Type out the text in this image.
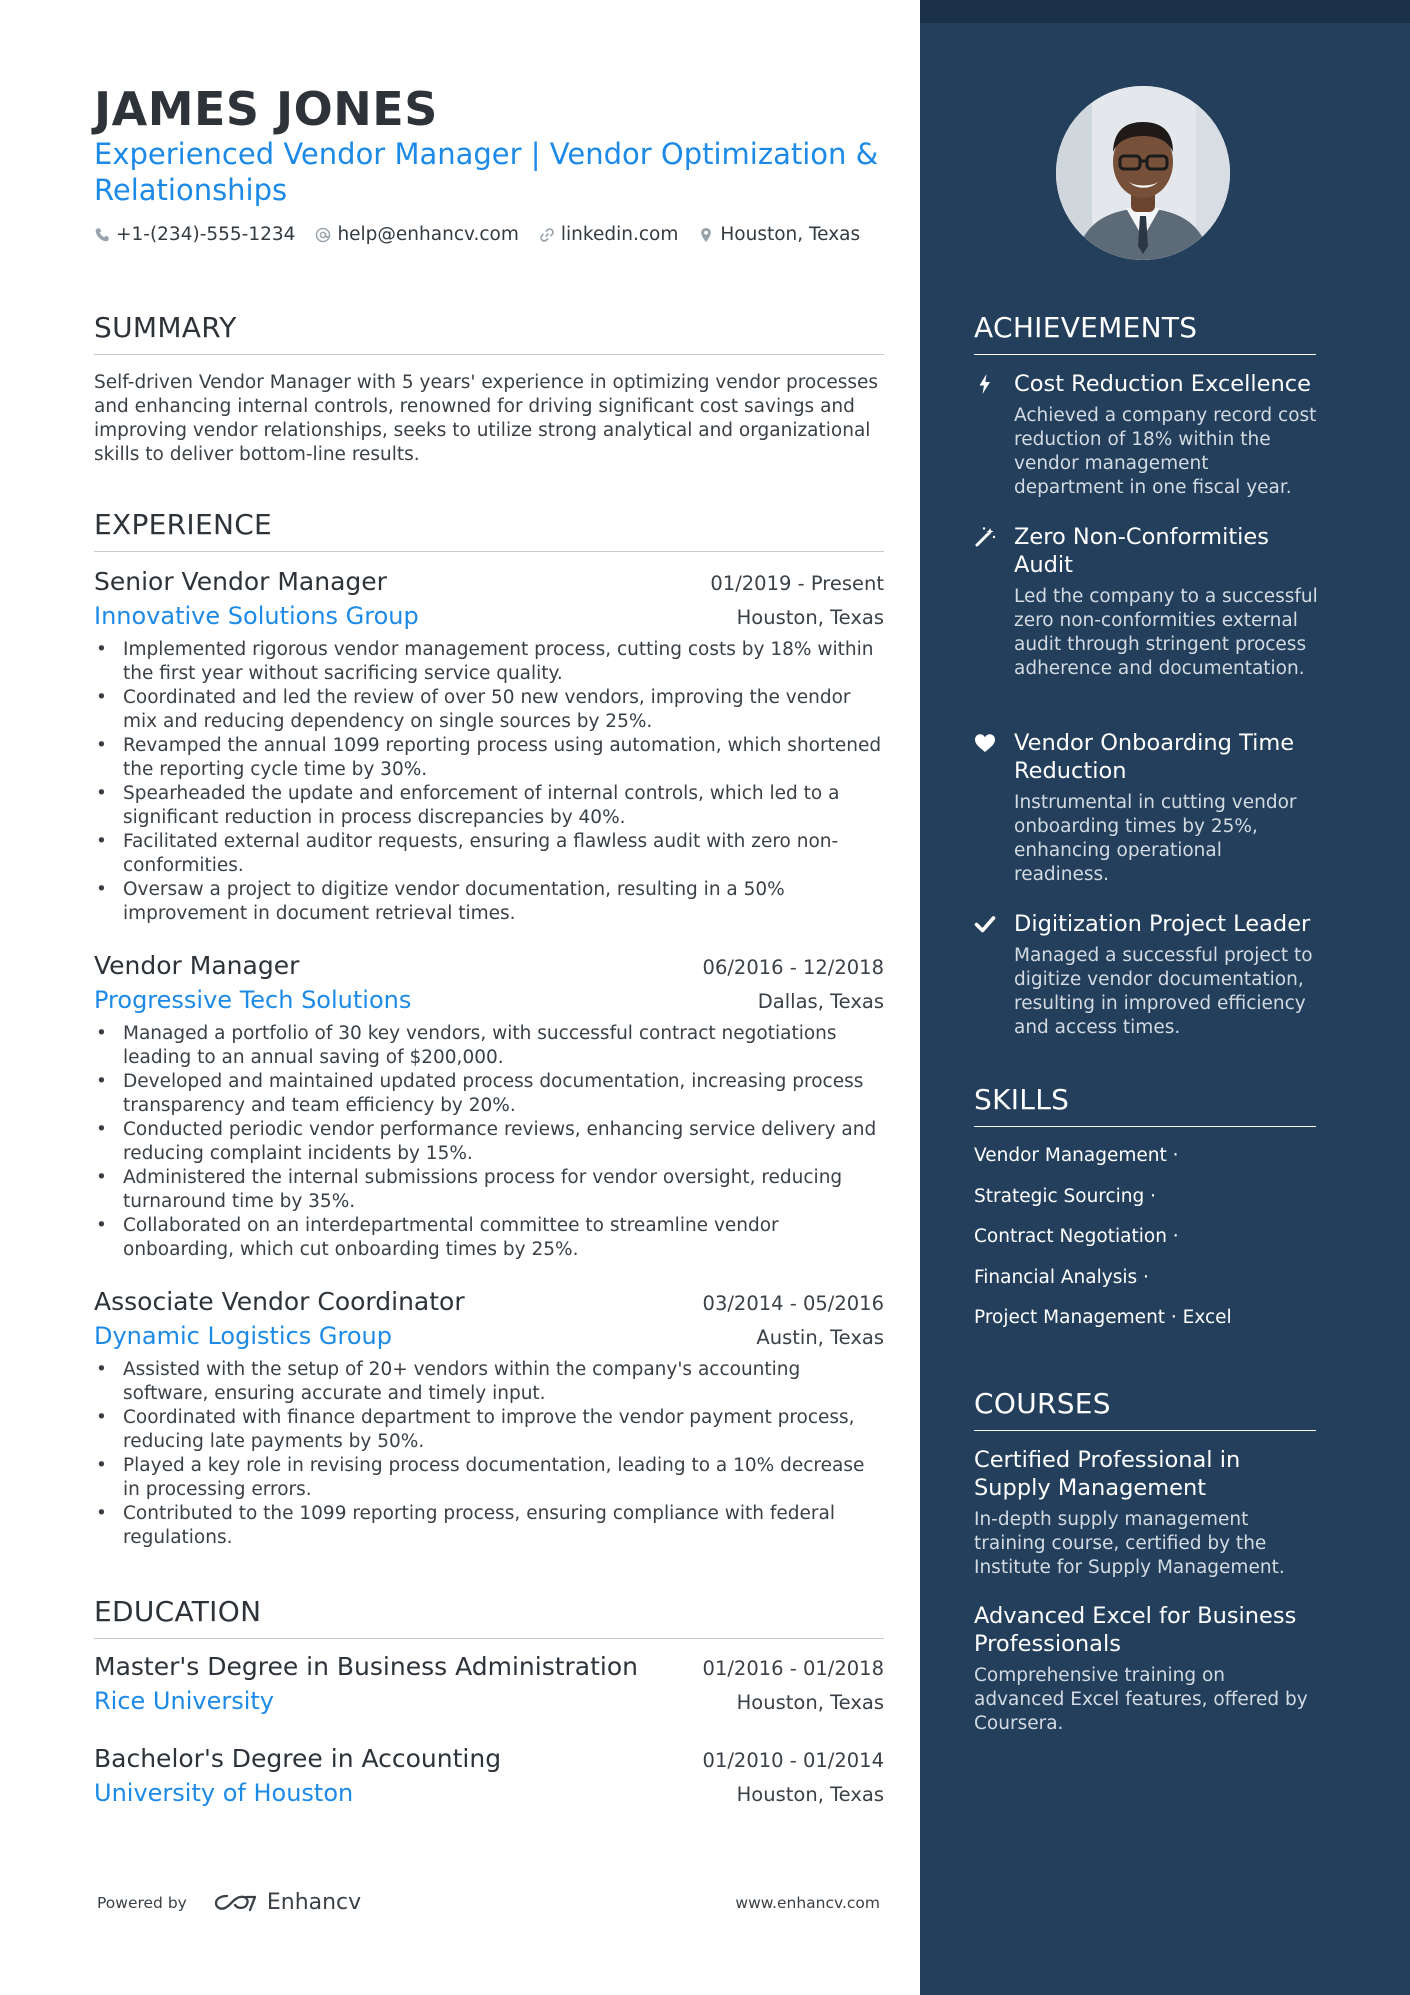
JAMES JONES
Experienced Vendor Manager | Vendor Optimization & Relationships
+1-(234)-555-1234 help@enhancv.com linkedin.com Houston, Texas
SUMMARY
Self-driven Vendor Manager with 5 years' experience in optimizing vendor processes and enhancing internal controls, renowned for driving significant cost savings and improving vendor relationships, seeks to utilize strong analytical and organizational skills to deliver bottom-line results.
EXPERIENCE
Senior Vendor Manager	01/2019 - Present
Innovative Solutions Group	Houston, Texas
• Implemented rigorous vendor management process, cutting costs by 18% within the first year without sacrificing service quality.
• Coordinated and led the review of over 50 new vendors, improving the vendor mix and reducing dependency on single sources by 25%.
• Revamped the annual 1099 reporting process using automation, which shortened the reporting cycle time by 30%.
• Spearheaded the update and enforcement of internal controls, which led to a significant reduction in process discrepancies by 40%.
• Facilitated external auditor requests, ensuring a flawless audit with zero non-conformities.
• Oversaw a project to digitize vendor documentation, resulting in a 50% improvement in document retrieval times.
Vendor Manager	06/2016 - 12/2018
Progressive Tech Solutions	Dallas, Texas
• Managed a portfolio of 30 key vendors, with successful contract negotiations leading to an annual saving of $200,000.
• Developed and maintained updated process documentation, increasing process transparency and team efficiency by 20%.
• Conducted periodic vendor performance reviews, enhancing service delivery and reducing complaint incidents by 15%.
• Administered the internal submissions process for vendor oversight, reducing turnaround time by 35%.
• Collaborated on an interdepartmental committee to streamline vendor onboarding, which cut onboarding times by 25%.
Associate Vendor Coordinator	03/2014 - 05/2016
Dynamic Logistics Group	Austin, Texas
• Assisted with the setup of 20+ vendors within the company's accounting software, ensuring accurate and timely input.
• Coordinated with finance department to improve the vendor payment process, reducing late payments by 50%.
• Played a key role in revising process documentation, leading to a 10% decrease in processing errors.
• Contributed to the 1099 reporting process, ensuring compliance with federal regulations.
EDUCATION
Master's Degree in Business Administration	01/2016 - 01/2018
Rice University	Houston, Texas
Bachelor's Degree in Accounting	01/2010 - 01/2014
University of Houston	Houston, Texas
Powered by	Enhancv	www.enhancv.com
ACHIEVEMENTS
Cost Reduction Excellence
Achieved a company record cost reduction of 18% within the vendor management department in one fiscal year.
Zero Non-Conformities Audit
Led the company to a successful zero non-conformities external audit through stringent process adherence and documentation.
Vendor Onboarding Time Reduction
Instrumental in cutting vendor onboarding times by 25%, enhancing operational readiness.
Digitization Project Leader
Managed a successful project to digitize vendor documentation, resulting in improved efficiency and access times.
SKILLS
Vendor Management ·
Strategic Sourcing ·
Contract Negotiation ·
Financial Analysis ·
Project Management · Excel
COURSES
Certified Professional in Supply Management
In-depth supply management training course, certified by the Institute for Supply Management.
Advanced Excel for Business Professionals
Comprehensive training on advanced Excel features, offered by Coursera.
